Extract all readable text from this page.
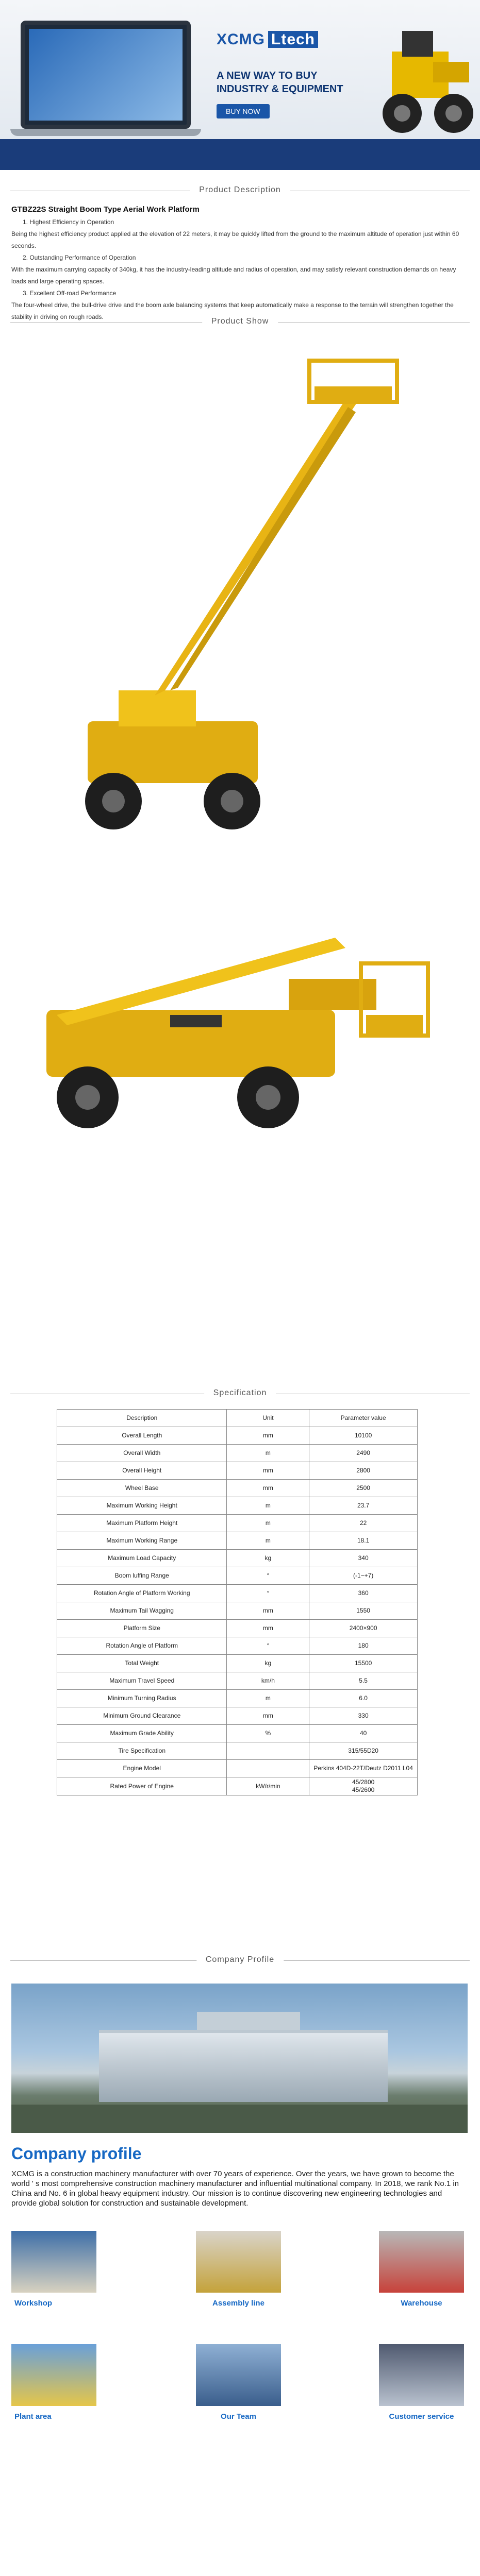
XCMG Ltech
A NEW WAY TO BUY INDUSTRY & EQUIPMENT
BUY NOW
Product Description
GTBZ22S Straight Boom Type Aerial Work Platform
1. Highest Efficiency in Operation
Being the highest efficiency product applied at the elevation of 22 meters, it may be quickly lifted from the ground to the maximum altitude of operation just within 60 seconds.
2. Outstanding Performance of Operation
With the maximum carrying capacity of 340kg, it has the industry-leading altitude and radius of operation, and may satisfy relevant construction demands on heavy loads and large operating spaces.
3. Excellent Off-road Performance
The four-wheel drive, the bull-drive drive and the boom axle balancing systems that keep automatically make a response to the terrain will strengthen together the stability in driving on rough roads.	Product Show
Specification
Description	Unit	Parameter value
Overall Length	mm	10100
Overall Width	m	2490
Overall Height	mm	2800
Wheel Base	mm	2500
Maximum Working Height	m	23.7
Maximum Platform Height	m	22
Maximum Working Range	m	18.1
Maximum Load Capacity	kg	340
Boom luffing Range	°	(-1~+7)
Rotation Angle of Platform Working	°	360
Maximum Tail Wagging	mm	1550
Platform Size	mm	2400×900
Rotation Angle of Platform	°	180
Total Weight	kg	15500
Maximum Travel Speed	km/h	5.5
Minimum Turning Radius	m	6.0
Minimum Ground Clearance	mm	330
Maximum Grade Ability	%	40
Tire Specification		315/55D20
Engine Model		Perkins 404D-22T/Deutz D2011 L04
Rated Power of Engine	kW/r/min	45/2800
45/2600
Company Profile
Company profile
XCMG is a construction machinery manufacturer with over 70 years of experience. Over the years, we have grown to become the world ' s most comprehensive construction machinery manufacturer and influential multinational company. In 2018, we rank No.1 in China and No. 6 in global heavy equipment industry. Our mission is to continue discovering new engineering technologies and provide global solution for construction and sustainable development.
Workshop	Assembly line	Warehouse
Plant area	Our Team	Customer service
